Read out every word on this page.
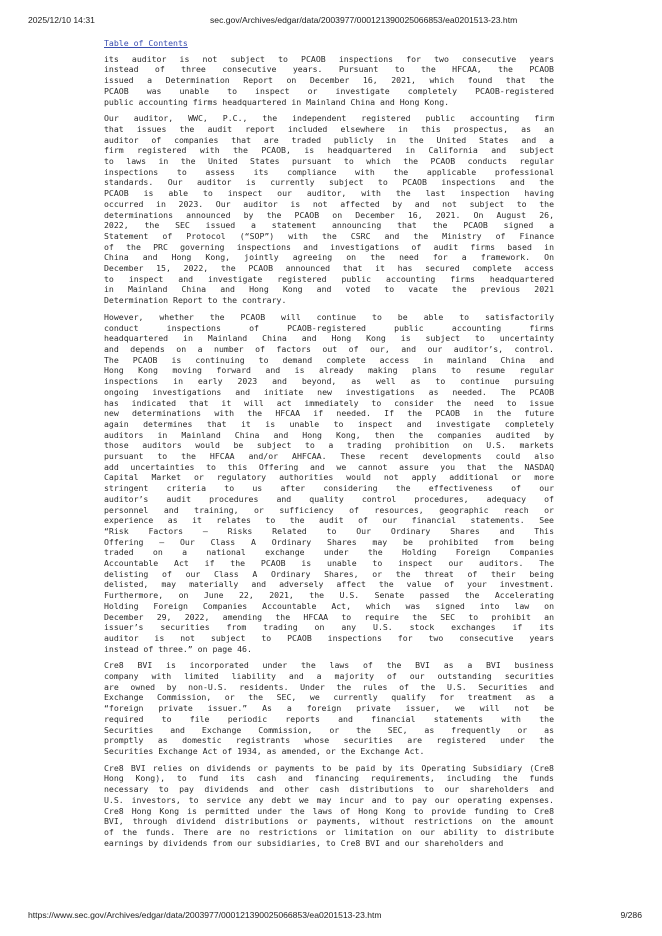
2025/12/10 14:31	sec.gov/Archives/edgar/data/2003977/000121390025066853/ea0201513-23.htm
Table of Contents
its auditor is not subject to PCAOB inspections for two consecutive years
instead of three consecutive years. Pursuant to the HFCAA, the PCAOB
issued a Determination Report on December 16, 2021, which found that the
PCAOB was unable to inspect or investigate completely PCAOB-registered
public accounting firms headquartered in Mainland China and Hong Kong.
Our auditor, WWC, P.C., the independent registered public accounting firm
that issues the audit report included elsewhere in this prospectus, as an
auditor of companies that are traded publicly in the United States and a
firm registered with the PCAOB, is headquartered in California and subject
to laws in the United States pursuant to which the PCAOB conducts regular
inspections to assess its compliance with the applicable professional
standards. Our auditor is currently subject to PCAOB inspections and the
PCAOB is able to inspect our auditor, with the last inspection having
occurred in 2023. Our auditor is not affected by and not subject to the
determinations announced by the PCAOB on December 16, 2021. On August 26,
2022, the SEC issued a statement announcing that the PCAOB signed a
Statement of Protocol (“SOP”) with the CSRC and the Ministry of Finance
of the PRC governing inspections and investigations of audit firms based in
China and Hong Kong, jointly agreeing on the need for a framework. On
December 15, 2022, the PCAOB announced that it has secured complete access
to inspect and investigate registered public accounting firms headquartered
in Mainland China and Hong Kong and voted to vacate the previous 2021
Determination Report to the contrary.
However, whether the PCAOB will continue to be able to satisfactorily
conduct inspections of PCAOB-registered public accounting firms
headquartered in Mainland China and Hong Kong is subject to uncertainty
and depends on a number of factors out of our, and our auditor’s, control.
The PCAOB is continuing to demand complete access in mainland China and
Hong Kong moving forward and is already making plans to resume regular
inspections in early 2023 and beyond, as well as to continue pursuing
ongoing investigations and initiate new investigations as needed. The PCAOB
has indicated that it will act immediately to consider the need to issue
new determinations with the HFCAA if needed. If the PCAOB in the future
again determines that it is unable to inspect and investigate completely
auditors in Mainland China and Hong Kong, then the companies audited by
those auditors would be subject to a trading prohibition on U.S. markets
pursuant to the HFCAA and/or AHFCAA. These recent developments could also
add uncertainties to this Offering and we cannot assure you that the NASDAQ
Capital Market or regulatory authorities would not apply additional or more
stringent criteria to us after considering the effectiveness of our
auditor’s audit procedures and quality control procedures, adequacy of
personnel and training, or sufficiency of resources, geographic reach or
experience as it relates to the audit of our financial statements. See
“Risk Factors — Risks Related to Our Ordinary Shares and This
Offering — Our Class A Ordinary Shares may be prohibited from being
traded on a national exchange under the Holding Foreign Companies
Accountable Act if the PCAOB is unable to inspect our auditors. The
delisting of our Class A Ordinary Shares, or the threat of their being
delisted, may materially and adversely affect the value of your investment.
Furthermore, on June 22, 2021, the U.S. Senate passed the Accelerating
Holding Foreign Companies Accountable Act, which was signed into law on
December 29, 2022, amending the HFCAA to require the SEC to prohibit an
issuer’s securities from trading on any U.S. stock exchanges if its
auditor is not subject to PCAOB inspections for two consecutive years
instead of three.” on page 46.
Cre8 BVI is incorporated under the laws of the BVI as a BVI business
company with limited liability and a majority of our outstanding securities
are owned by non-U.S. residents. Under the rules of the U.S. Securities and
Exchange Commission, or the SEC, we currently qualify for treatment as a
“foreign private issuer.” As a foreign private issuer, we will not be
required to file periodic reports and financial statements with the
Securities and Exchange Commission, or the SEC, as frequently or as
promptly as domestic registrants whose securities are registered under the
Securities Exchange Act of 1934, as amended, or the Exchange Act.
Cre8 BVI relies on dividends or payments to be paid by its Operating Subsidiary (Cre8
Hong Kong), to fund its cash and financing requirements, including the funds
necessary to pay dividends and other cash distributions to our shareholders and
U.S. investors, to service any debt we may incur and to pay our operating expenses.
Cre8 Hong Kong is permitted under the laws of Hong Kong to provide funding to Cre8
BVI, through dividend distributions or payments, without restrictions on the amount
of the funds. There are no restrictions or limitation on our ability to distribute
earnings by dividends from our subsidiaries, to Cre8 BVI and our shareholders and
https://www.sec.gov/Archives/edgar/data/2003977/000121390025066853/ea0201513-23.htm	9/286
